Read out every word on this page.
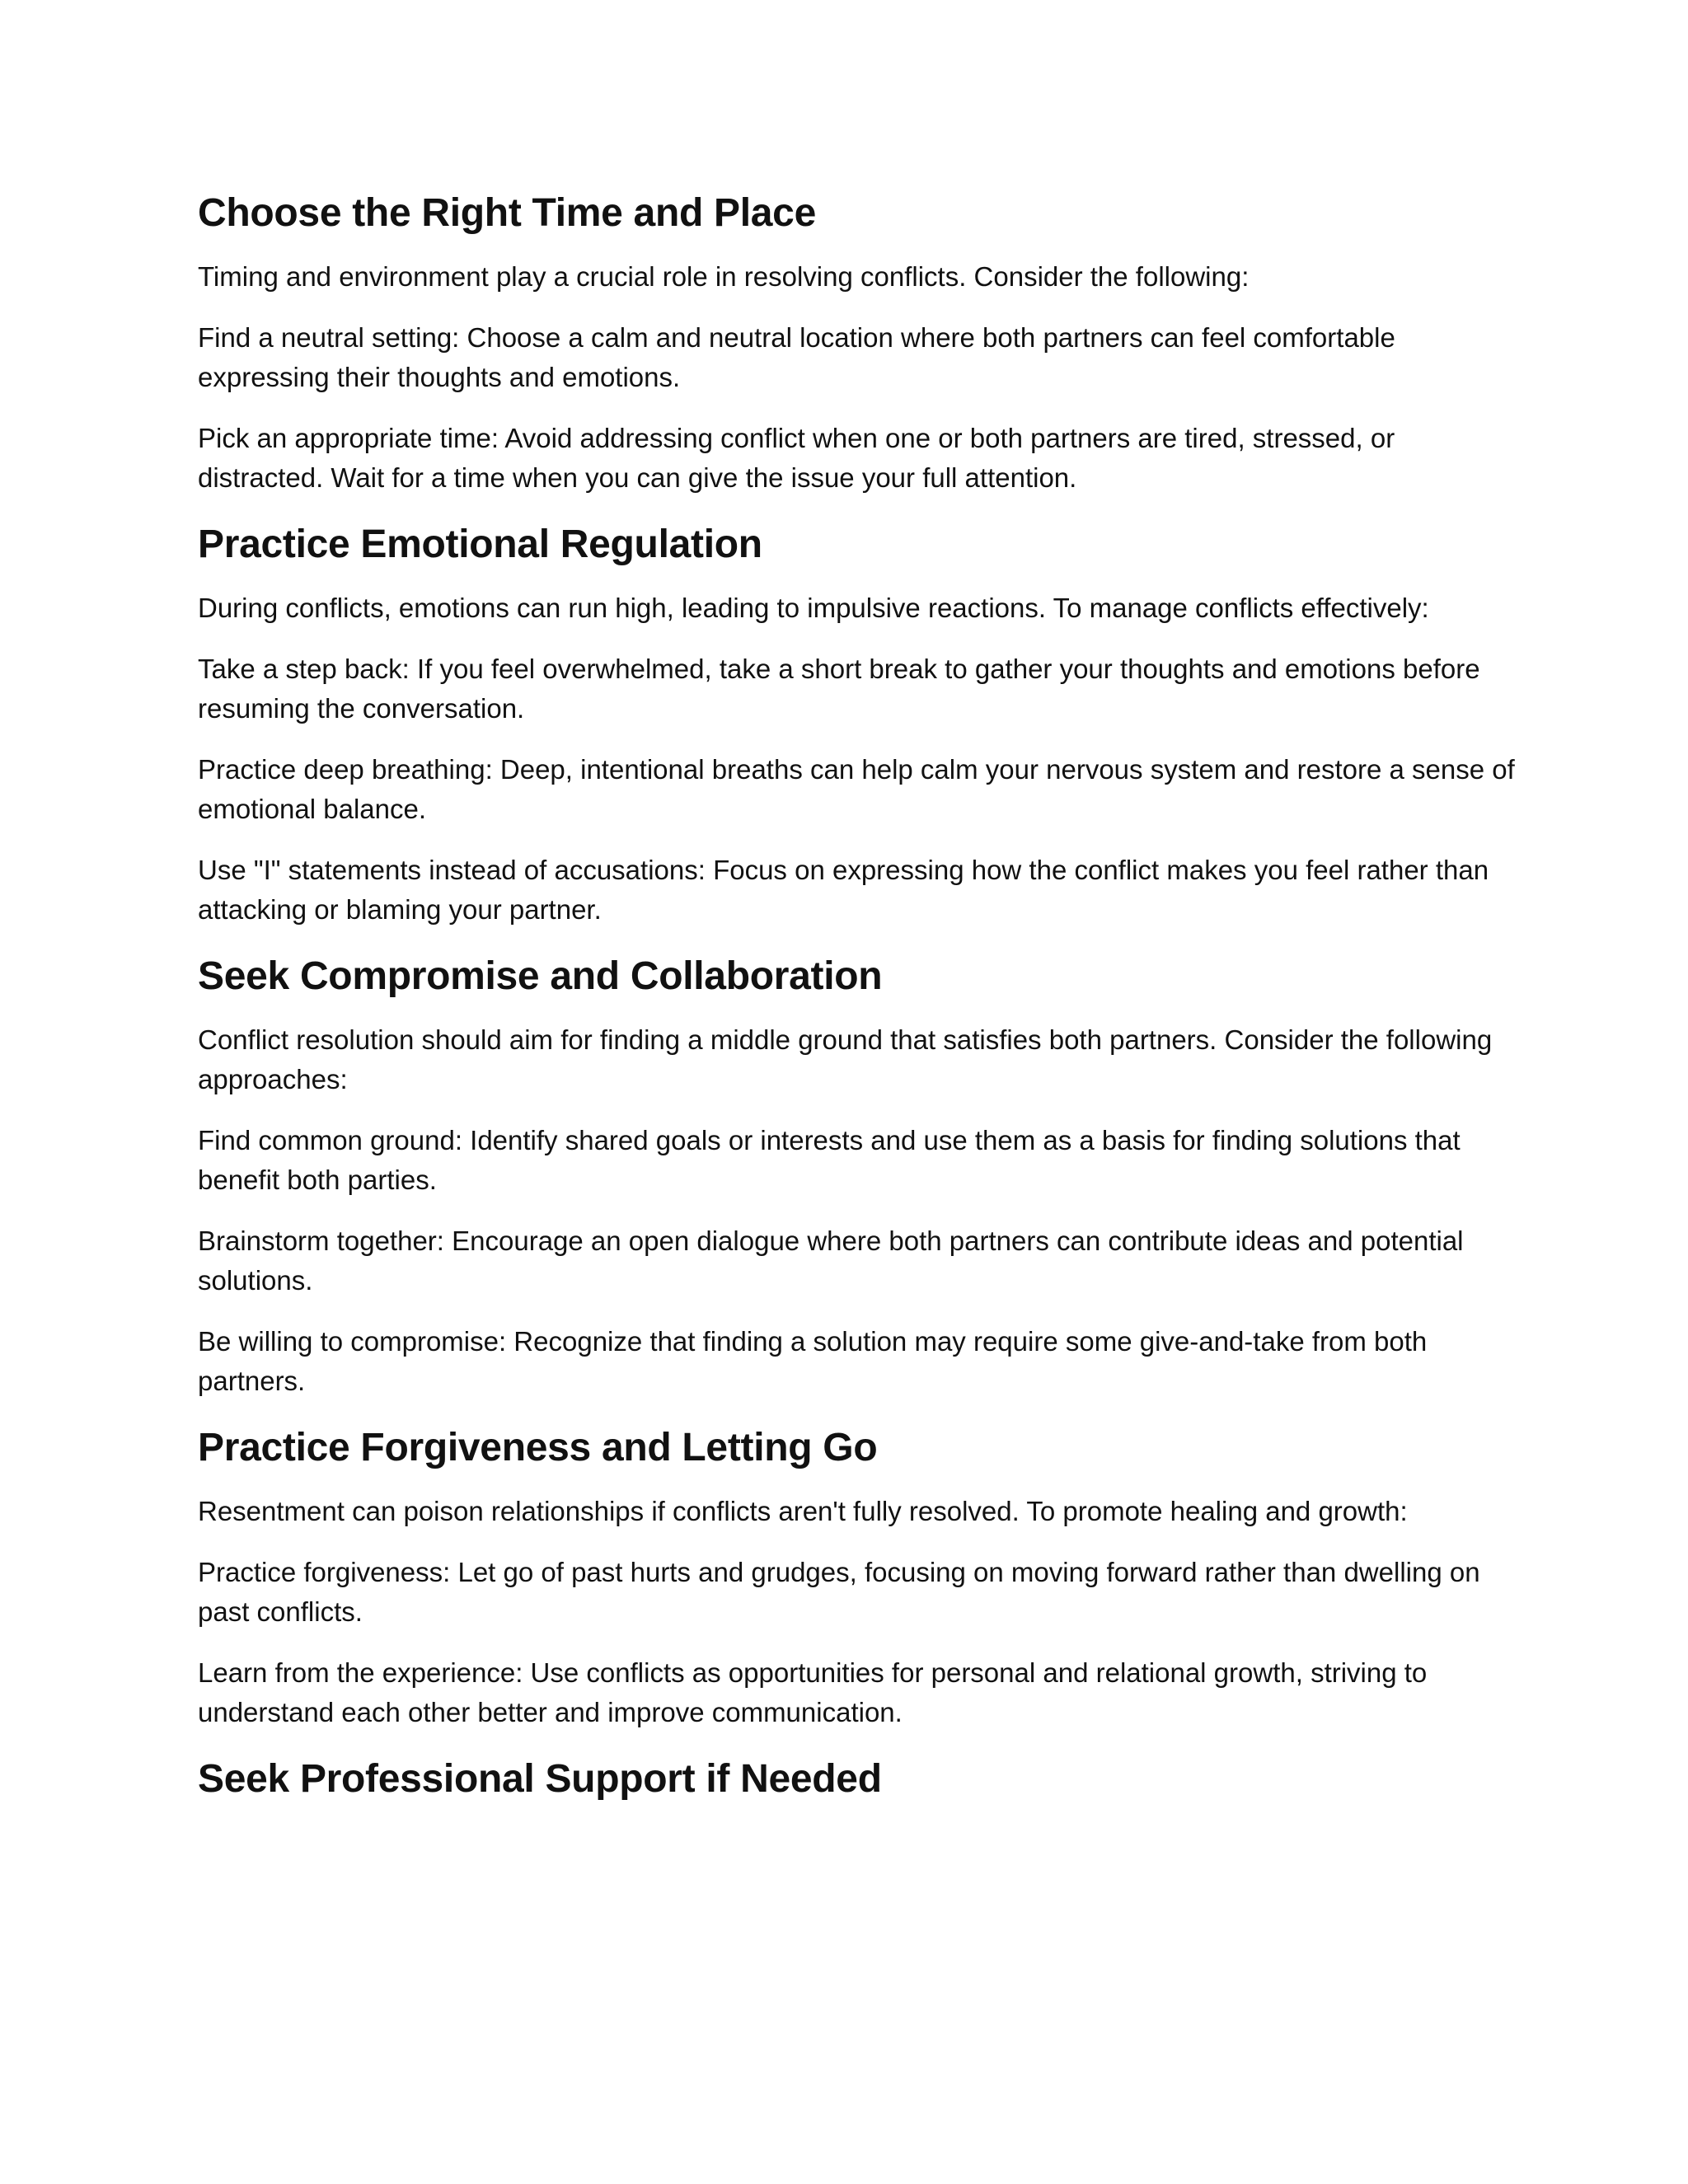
Choose the Right Time and Place

Timing and environment play a crucial role in resolving conflicts. Consider the following:

Find a neutral setting: Choose a calm and neutral location where both partners can feel comfortable expressing their thoughts and emotions.

Pick an appropriate time: Avoid addressing conflict when one or both partners are tired, stressed, or distracted. Wait for a time when you can give the issue your full attention.

Practice Emotional Regulation

During conflicts, emotions can run high, leading to impulsive reactions. To manage conflicts effectively:

Take a step back: If you feel overwhelmed, take a short break to gather your thoughts and emotions before resuming the conversation.

Practice deep breathing: Deep, intentional breaths can help calm your nervous system and restore a sense of emotional balance.

Use "I" statements instead of accusations: Focus on expressing how the conflict makes you feel rather than attacking or blaming your partner.

Seek Compromise and Collaboration

Conflict resolution should aim for finding a middle ground that satisfies both partners. Consider the following approaches:

Find common ground: Identify shared goals or interests and use them as a basis for finding solutions that benefit both parties.

Brainstorm together: Encourage an open dialogue where both partners can contribute ideas and potential solutions.

Be willing to compromise: Recognize that finding a solution may require some give-and-take from both partners.

Practice Forgiveness and Letting Go

Resentment can poison relationships if conflicts aren't fully resolved. To promote healing and growth:

Practice forgiveness: Let go of past hurts and grudges, focusing on moving forward rather than dwelling on past conflicts.

Learn from the experience: Use conflicts as opportunities for personal and relational growth, striving to understand each other better and improve communication.

Seek Professional Support if Needed
